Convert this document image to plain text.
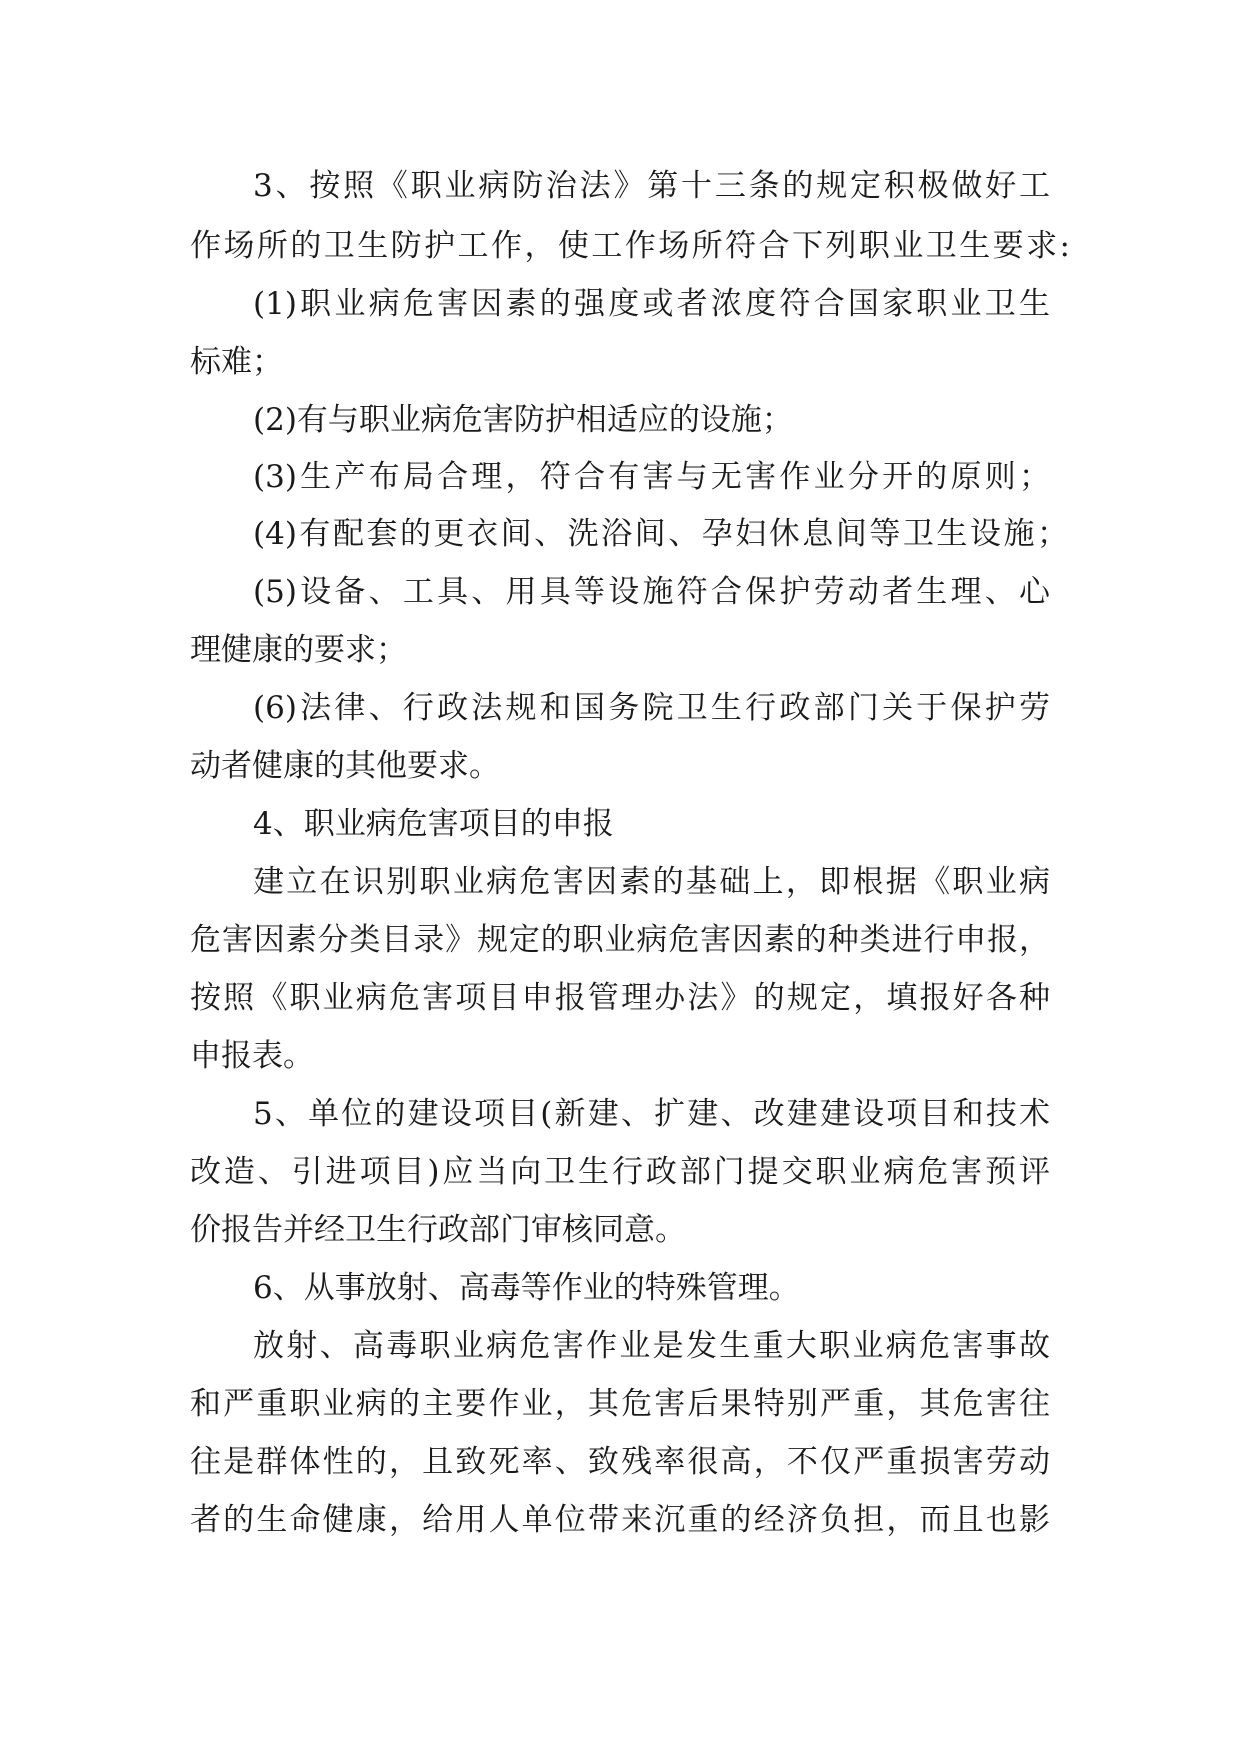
3、按照《职业病防治法》第十三条的规定积极做好工
作场所的卫生防护工作，使工作场所符合下列职业卫生要求:
(1)职业病危害因素的强度或者浓度符合国家职业卫生
标难；
(2)有与职业病危害防护相适应的设施；
(3)生产布局合理，符合有害与无害作业分开的原则；
(4)有配套的更衣间、洗浴间、孕妇休息间等卫生设施；
(5)设备、工具、用具等设施符合保护劳动者生理、心
理健康的要求；
(6)法律、行政法规和国务院卫生行政部门关于保护劳
动者健康的其他要求。
4、职业病危害项目的申报
建立在识别职业病危害因素的基础上，即根据《职业病
危害因素分类目录》规定的职业病危害因素的种类进行申报，
按照《职业病危害项目申报管理办法》的规定，填报好各种
申报表。
5、单位的建设项目(新建、扩建、改建建设项目和技术
改造、引进项目)应当向卫生行政部门提交职业病危害预评
价报告并经卫生行政部门审核同意。
6、从事放射、高毒等作业的特殊管理。
放射、高毒职业病危害作业是发生重大职业病危害事故
和严重职业病的主要作业，其危害后果特别严重，其危害往
往是群体性的，且致死率、致残率很高，不仅严重损害劳动
者的生命健康，给用人单位带来沉重的经济负担，而且也影
